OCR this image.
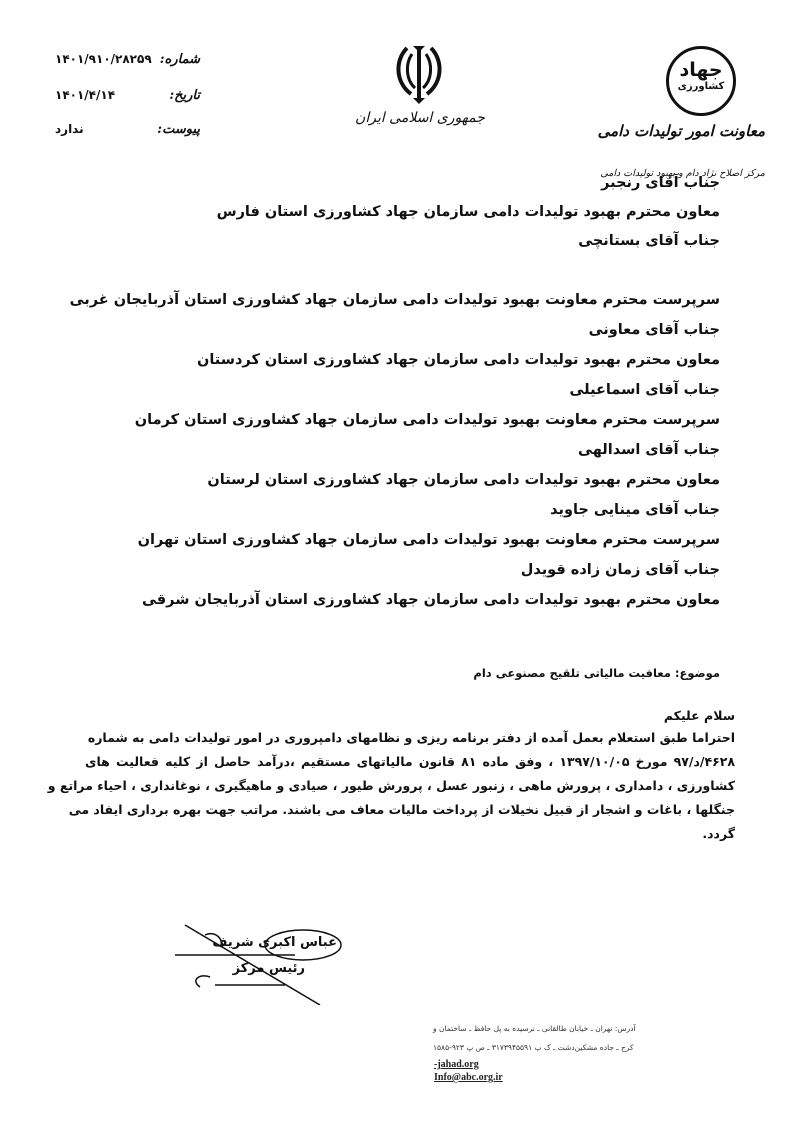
شماره:
۱۴۰۱/۹۱۰/۲۸۲۵۹
تاریخ:
۱۴۰۱/۴/۱۴
پیوست:
ندارد
جمهوری اسلامی ایران
جهاد
کشاورزی
معاونت امور تولیدات دامی
مرکز اصلاح نژاد دام و بهبود تولیدات دامی
جناب آقای رنجبر
معاون محترم بهبود تولیدات دامی سازمان جهاد کشاورزی استان فارس
جناب آقای بستانچی
سرپرست محترم معاونت بهبود تولیدات دامی سازمان جهاد کشاورزی استان آذربایجان غربی
جناب آقای معاونی
معاون محترم بهبود تولیدات دامی سازمان جهاد کشاورزی استان کردستان
جناب آقای اسماعیلی
سرپرست محترم معاونت بهبود تولیدات دامی سازمان جهاد کشاورزی استان کرمان
جناب آقای اسدالهی
معاون محترم بهبود تولیدات دامی سازمان جهاد کشاورزی استان لرستان
جناب آقای مینایی جاوید
سرپرست محترم معاونت بهبود تولیدات دامی سازمان جهاد کشاورزی استان تهران
جناب آقای زمان زاده قویدل
معاون محترم بهبود تولیدات دامی سازمان جهاد کشاورزی استان آذربایجان شرقی
موضوع: معافیت مالیاتی تلقیح مصنوعی دام
سلام علیکم
احتراما طبق استعلام بعمل آمده از دفتر برنامه ریزی و نظامهای دامپروری در امور تولیدات دامی به شماره
۴۶۲۸/د/۹۷ مورخ ۱۳۹۷/۱۰/۰۵ ، وفق ماده ۸۱ قانون مالیاتهای مستقیم ،درآمد حاصل از کلیه فعالیت های
کشاورزی ، دامداری ، پرورش ماهی ، زنبور عسل ، پرورش طیور ، صیادی و ماهیگیری ، نوغانداری ، احیاء مراتع و
جنگلها ، باغات و اشجار از قبیل نخیلات از پرداخت مالیات معاف می باشند. مراتب جهت بهره برداری ایفاد می
گردد.
عباس اکبری شریف
رئیس مرکز
آدرس: تهران ـ خیابان طالقانی ـ نرسیده به پل حافظ ـ ساختمان و
کرج ـ جاده مشکین‌دشت ـ ک پ ۳۱۷۳۹۴۵۵۹۱ ـ ص پ ۹۲۳-۱۵۸۵
-jahad.org
Info@abc.org.ir
